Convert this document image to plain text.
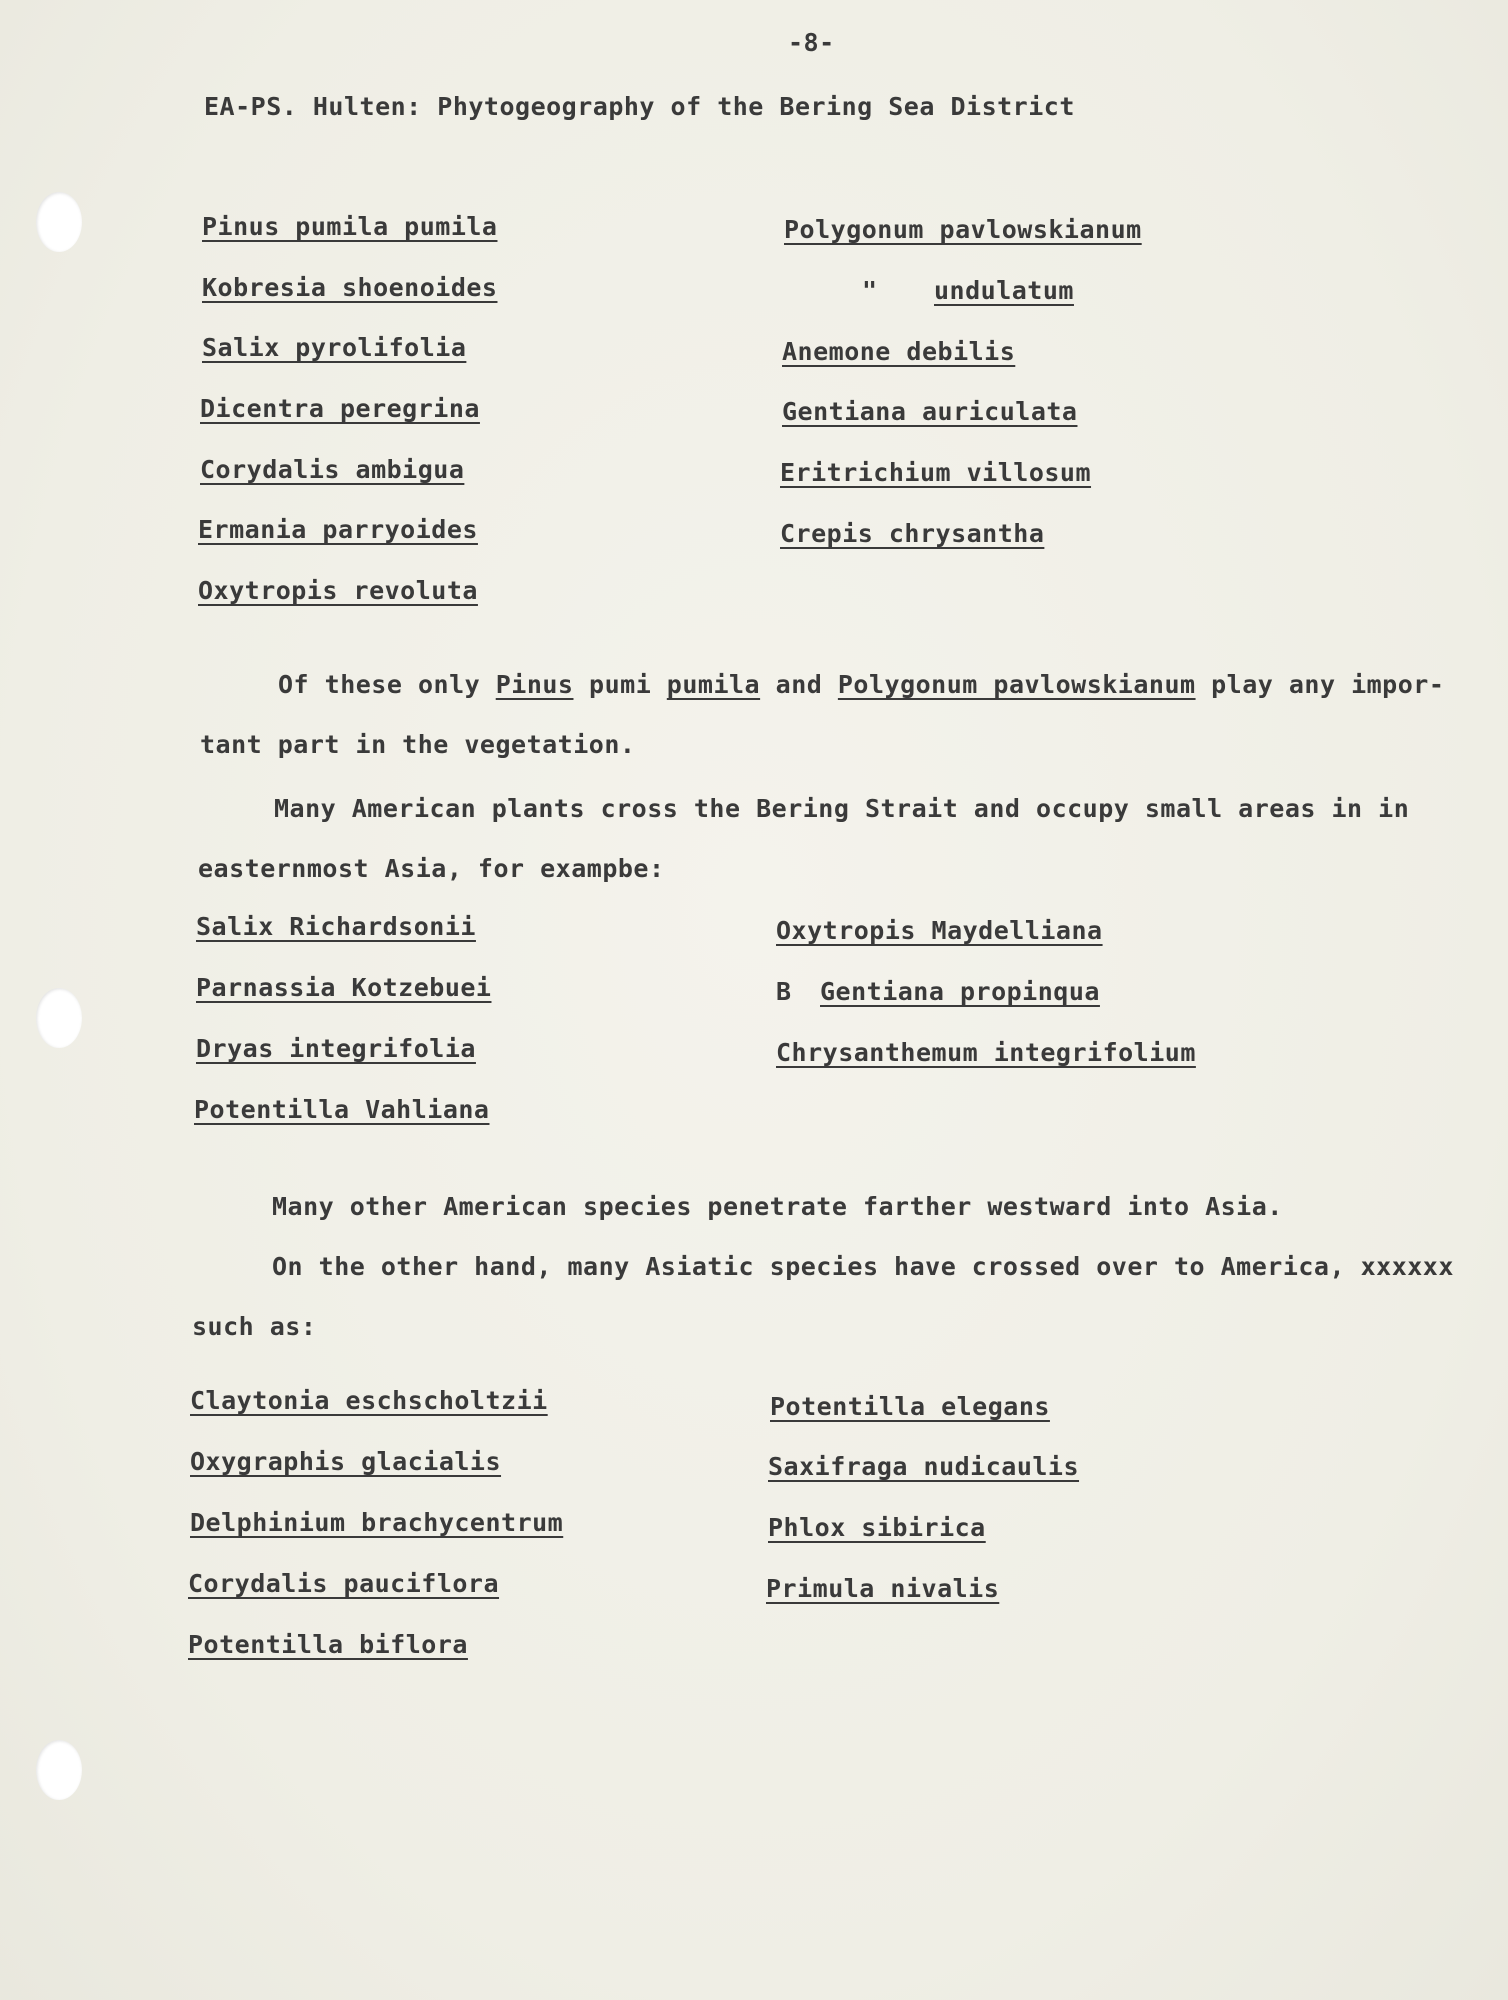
-8-
EA-PS. Hulten: Phytogeography of the Bering Sea District
Pinus pumila pumila
Kobresia shoenoides
Salix pyrolifolia
Dicentra peregrina
Corydalis ambigua
Ermania parryoides
Oxytropis revoluta
Polygonum pavlowskianum
" undulatum
Anemone debilis
Gentiana auriculata
Eritrichium villosum
Crepis chrysantha
Of these only Pinus pumi pumila and Polygonum pavlowskianum play any impor-
tant part in the vegetation.
Many American plants cross the Bering Strait and occupy small areas in in
easternmost Asia, for exampbe:
Salix Richardsonii
Parnassia Kotzebuei
Dryas integrifolia
Potentilla Vahliana
Oxytropis Maydelliana
B Gentiana propinqua
Chrysanthemum integrifolium
Many other American species penetrate farther westward into Asia.
On the other hand, many Asiatic species have crossed over to America, xxxxxx
such as:
Claytonia eschscholtzii
Oxygraphis glacialis
Delphinium brachycentrum
Corydalis pauciflora
Potentilla biflora
Potentilla elegans
Saxifraga nudicaulis
Phlox sibirica
Primula nivalis
